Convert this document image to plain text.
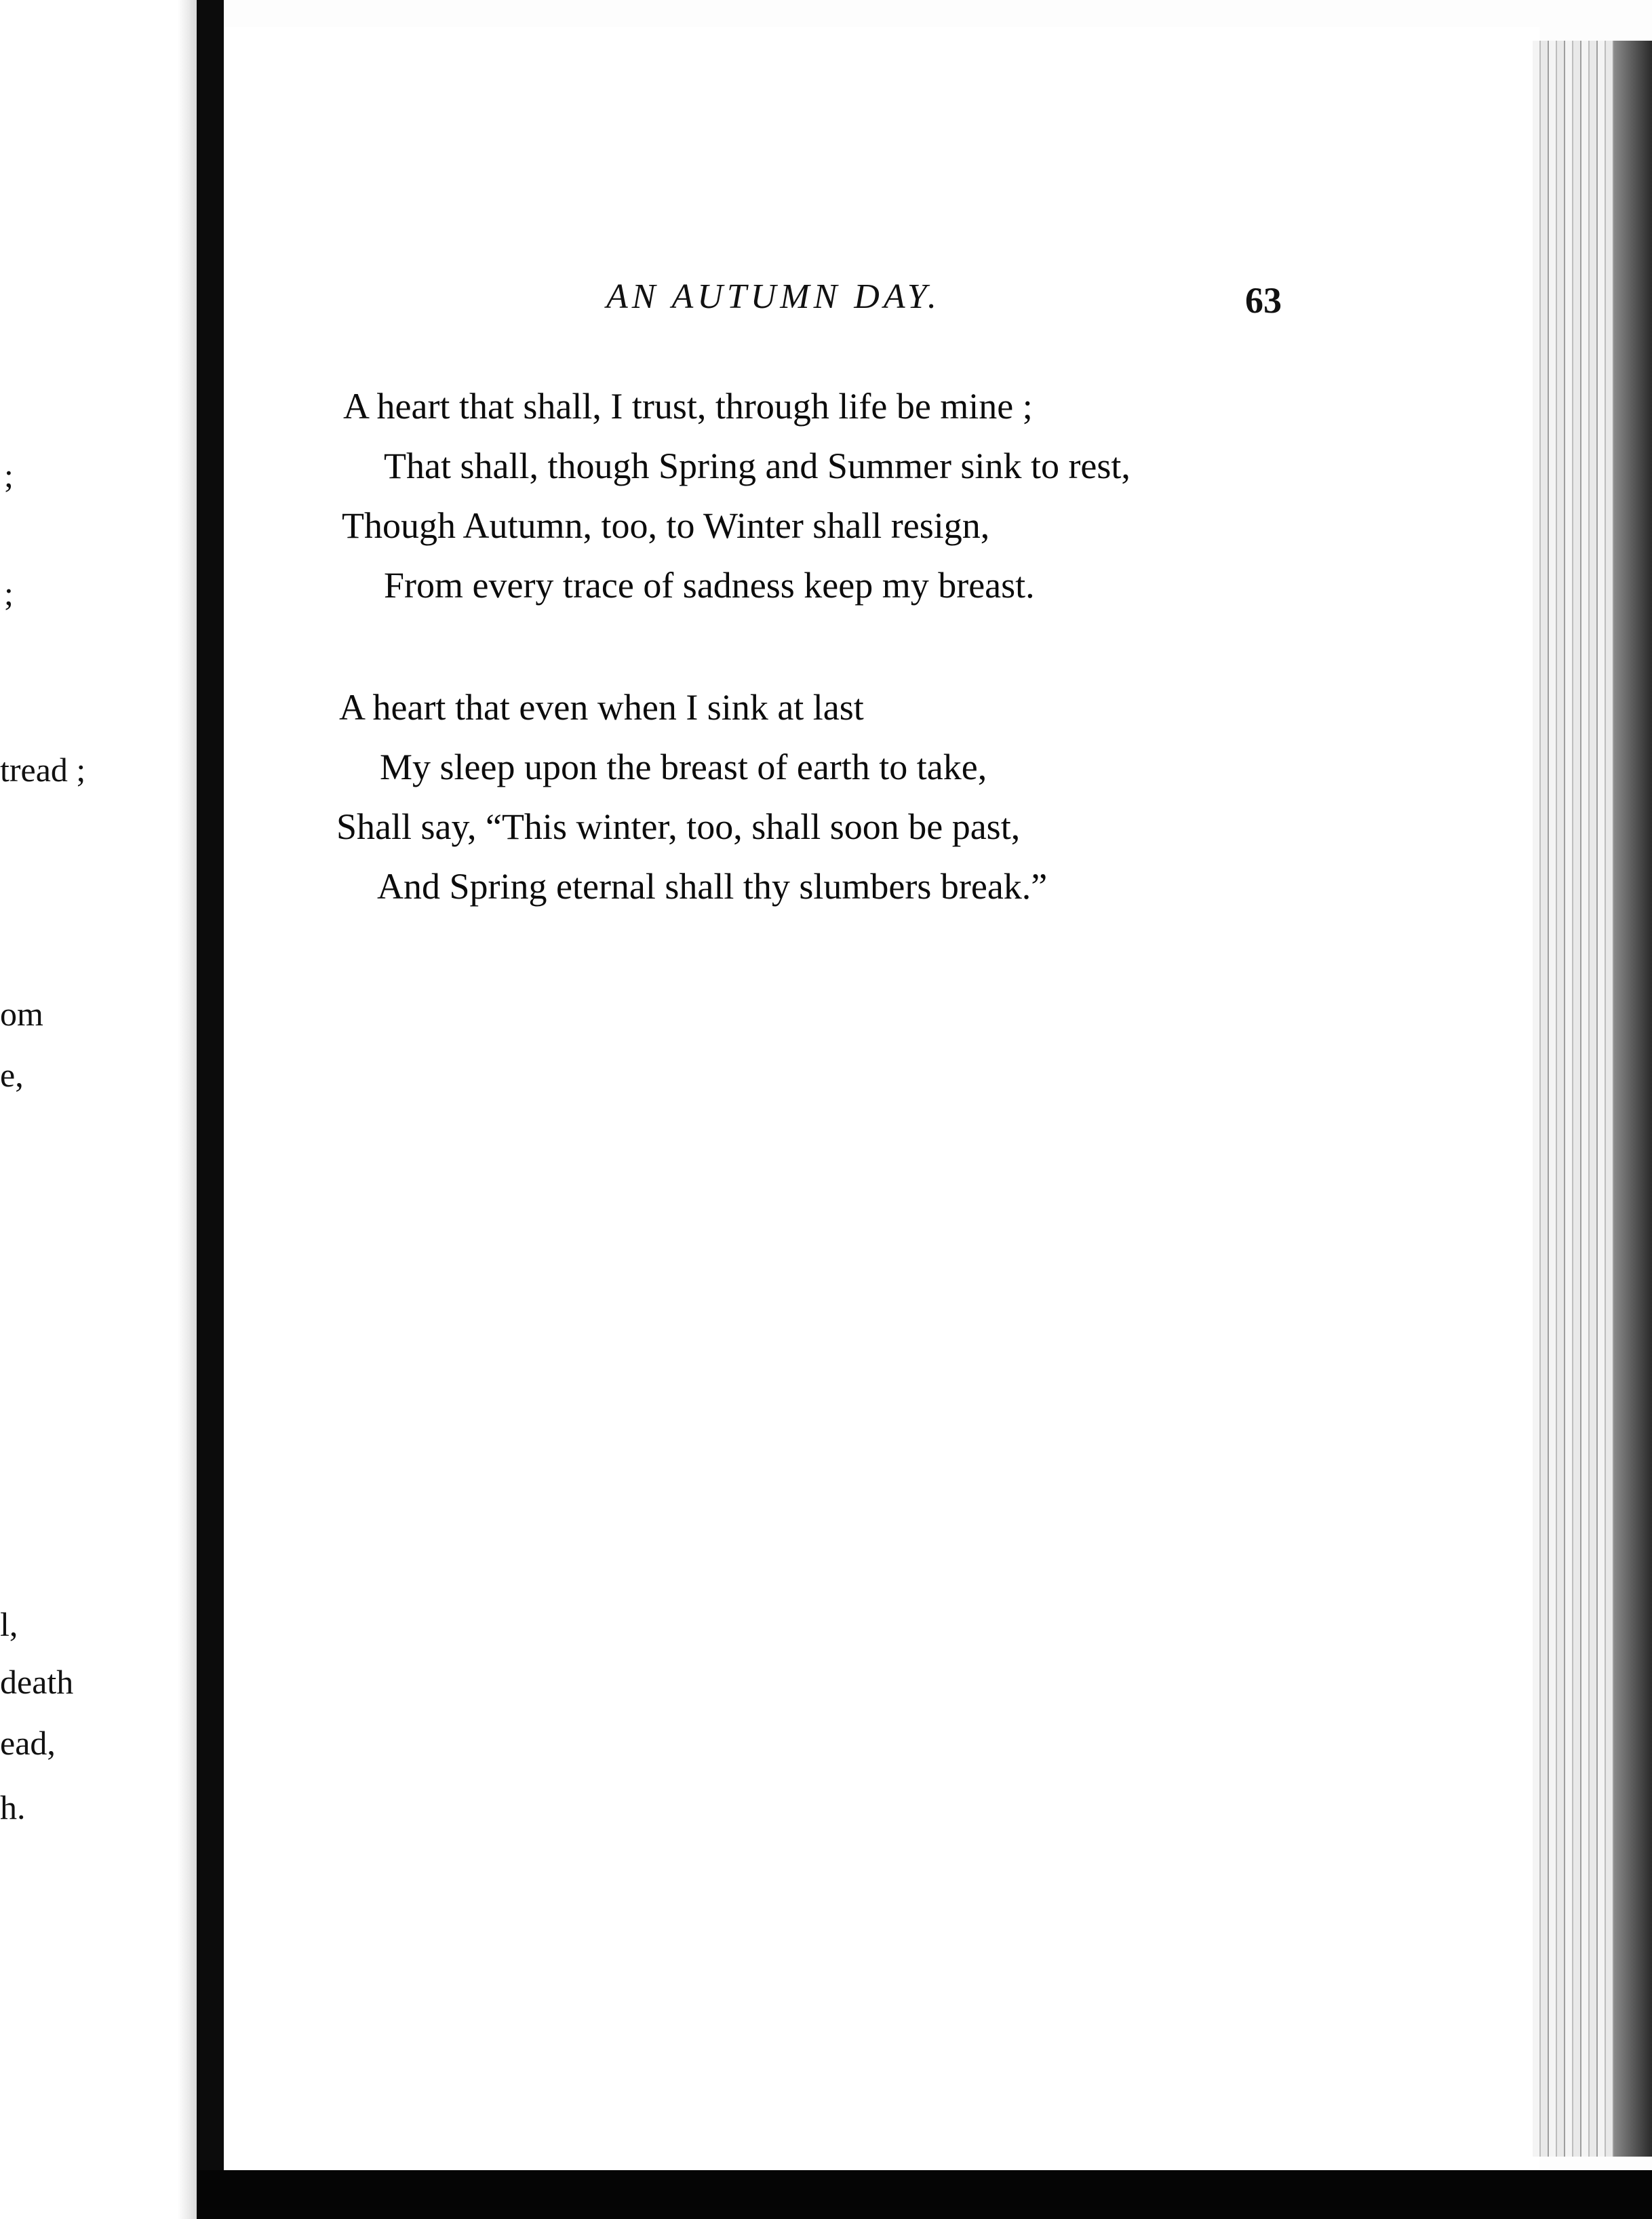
;
;
tread ;
om
e,
l,
death
ead,
h.
AN AUTUMN DAY.	63
A heart that shall, I trust, through life be mine ;
That shall, though Spring and Summer sink to rest,
Though Autumn, too, to Winter shall resign,
From every trace of sadness keep my breast.
A heart that even when I sink at last
My sleep upon the breast of earth to take,
Shall say, “This winter, too, shall soon be past,
And Spring eternal shall thy slumbers break.”
